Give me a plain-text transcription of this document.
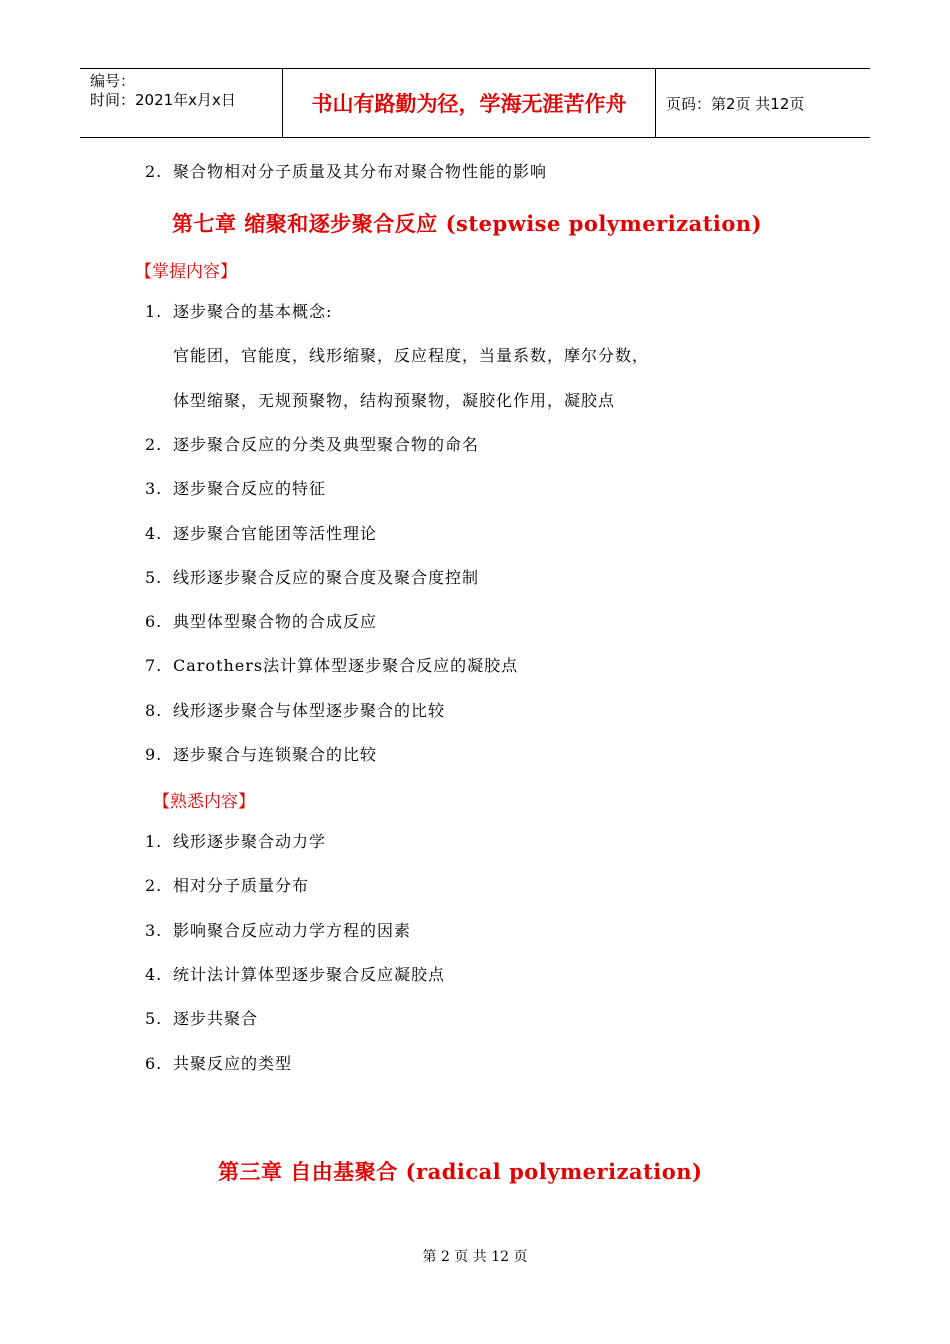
编号：
时间：2021年x月x日	书山有路勤为径，学海无涯苦作舟	页码：第2页 共12页
2. 聚合物相对分子质量及其分布对聚合物性能的影响
第七章 缩聚和逐步聚合反应 (stepwise polymerization)
【掌握内容】
1. 逐步聚合的基本概念:
官能团，官能度，线形缩聚，反应程度，当量系数，摩尔分数，
体型缩聚，无规预聚物，结构预聚物，凝胶化作用，凝胶点
2. 逐步聚合反应的分类及典型聚合物的命名
3. 逐步聚合反应的特征
4. 逐步聚合官能团等活性理论
5. 线形逐步聚合反应的聚合度及聚合度控制
6. 典型体型聚合物的合成反应
7. Carothers法计算体型逐步聚合反应的凝胶点
8. 线形逐步聚合与体型逐步聚合的比较
9. 逐步聚合与连锁聚合的比较
【熟悉内容】
1. 线形逐步聚合动力学
2. 相对分子质量分布
3. 影响聚合反应动力学方程的因素
4. 统计法计算体型逐步聚合反应凝胶点
5. 逐步共聚合
6. 共聚反应的类型
第三章 自由基聚合 (radical polymerization)
第 2 页 共 12 页
